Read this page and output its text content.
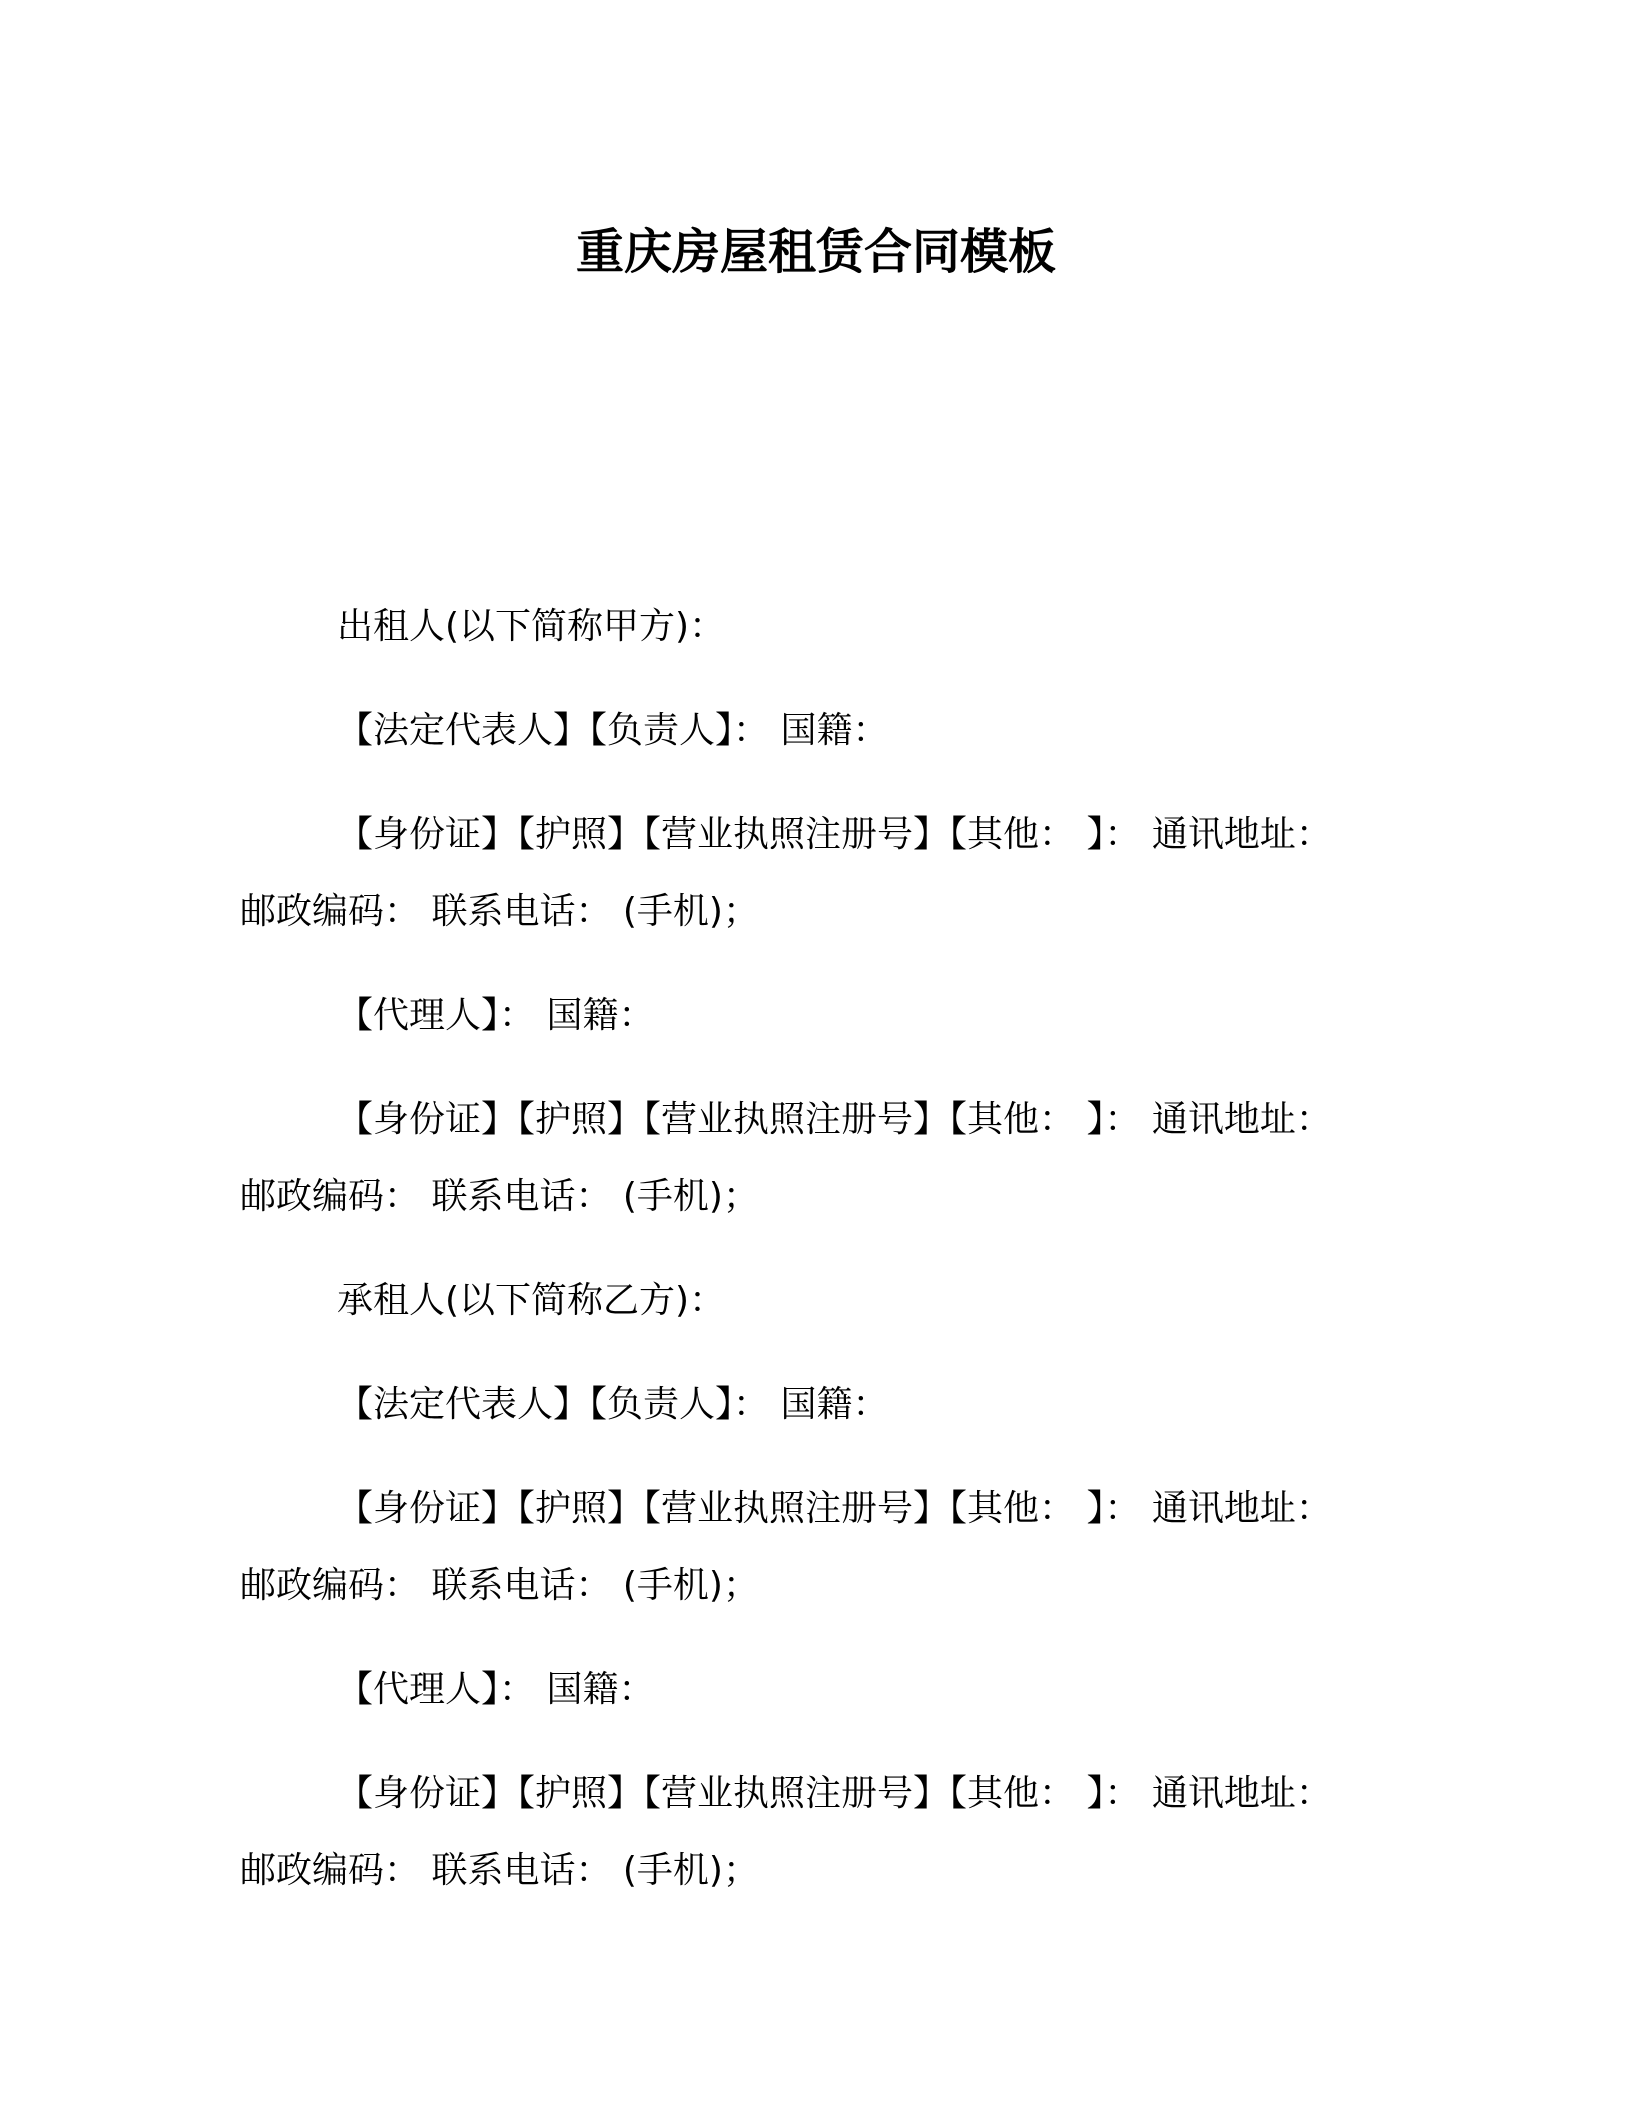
重庆房屋租赁合同模板

出租人(以下简称甲方)：

【法定代表人】【负责人】： 国籍：

【身份证】【护照】【营业执照注册号】【其他： 】： 通讯地址： 邮政编码： 联系电话： (手机)；

【代理人】： 国籍：

【身份证】【护照】【营业执照注册号】【其他： 】： 通讯地址： 邮政编码： 联系电话： (手机)；

承租人(以下简称乙方)：

【法定代表人】【负责人】： 国籍：

【身份证】【护照】【营业执照注册号】【其他： 】： 通讯地址： 邮政编码： 联系电话： (手机)；

【代理人】： 国籍：

【身份证】【护照】【营业执照注册号】【其他： 】： 通讯地址： 邮政编码： 联系电话： (手机)；
